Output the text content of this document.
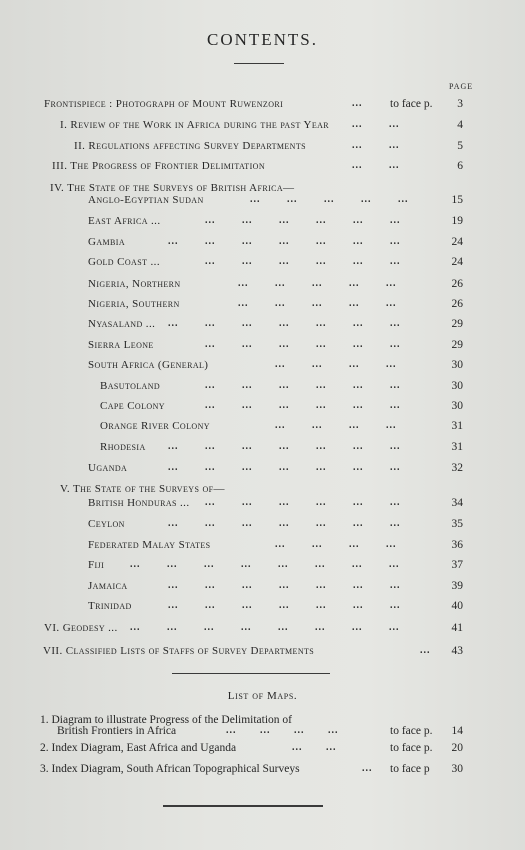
CONTENTS.
PAGE
Frontispiece : Photograph of Mount Ruwenzori	... to face p. 3
I. Review of the Work in Africa during the past Year ...	...	4
II. Regulations affecting Survey Departments	...	...	5
III. The Progress of Frontier Delimitation	...	...	6
IV. The State of the Surveys of British Africa—
Anglo-Egyptian Sudan	...	...	...	...	...	15
East Africa ...	...	...	...	...	...	...	19
Gambia	...	...	...	...	...	...	...	24
Gold Coast ...	...	...	...	...	...	...	24
Nigeria, Northern	...	...	...	...	...	26
Nigeria, Southern	...	...	...	...	...	26
Nyasaland ... ...	...	...	...	...	...	...	29
Sierra Leone	...	...	...	...	...	...	29
South Africa (General)	...	...	...	...	30
Basutoland	...	...	...	...	...	...	30
Cape Colony	...	...	...	...	...	...	30
Orange River Colony	...	...	...	...	31
Rhodesia ...	...	...	...	...	...	...	31
Uganda	...	...	...	...	...	...	...	32
V. The State of the Surveys of—
British Honduras ... ...	...	...	...	...	...	34
Ceylon	...	...	...	...	...	...	...	35
Federated Malay States	...	...	...	...	36
Fiji	...	...	...	...	...	...	...	...	37
Jamaica	...	...	...	...	...	...	...	39
Trinidad	...	...	...	...	...	...	...	40
VI. Geodesy ... ...	...	...	...	...	...	...	...	41
VII. Classified Lists of Staffs of Survey Departments	... 43
List of Maps.
1. Diagram to illustrate Progress of the Delimitation of
British Frontiers in Africa	... ... ... ...	to face p. 14
2. Index Diagram, East Africa and Uganda	... ...	to face p. 20
3. Index Diagram, South African Topographical Surveys	... to face p 30
